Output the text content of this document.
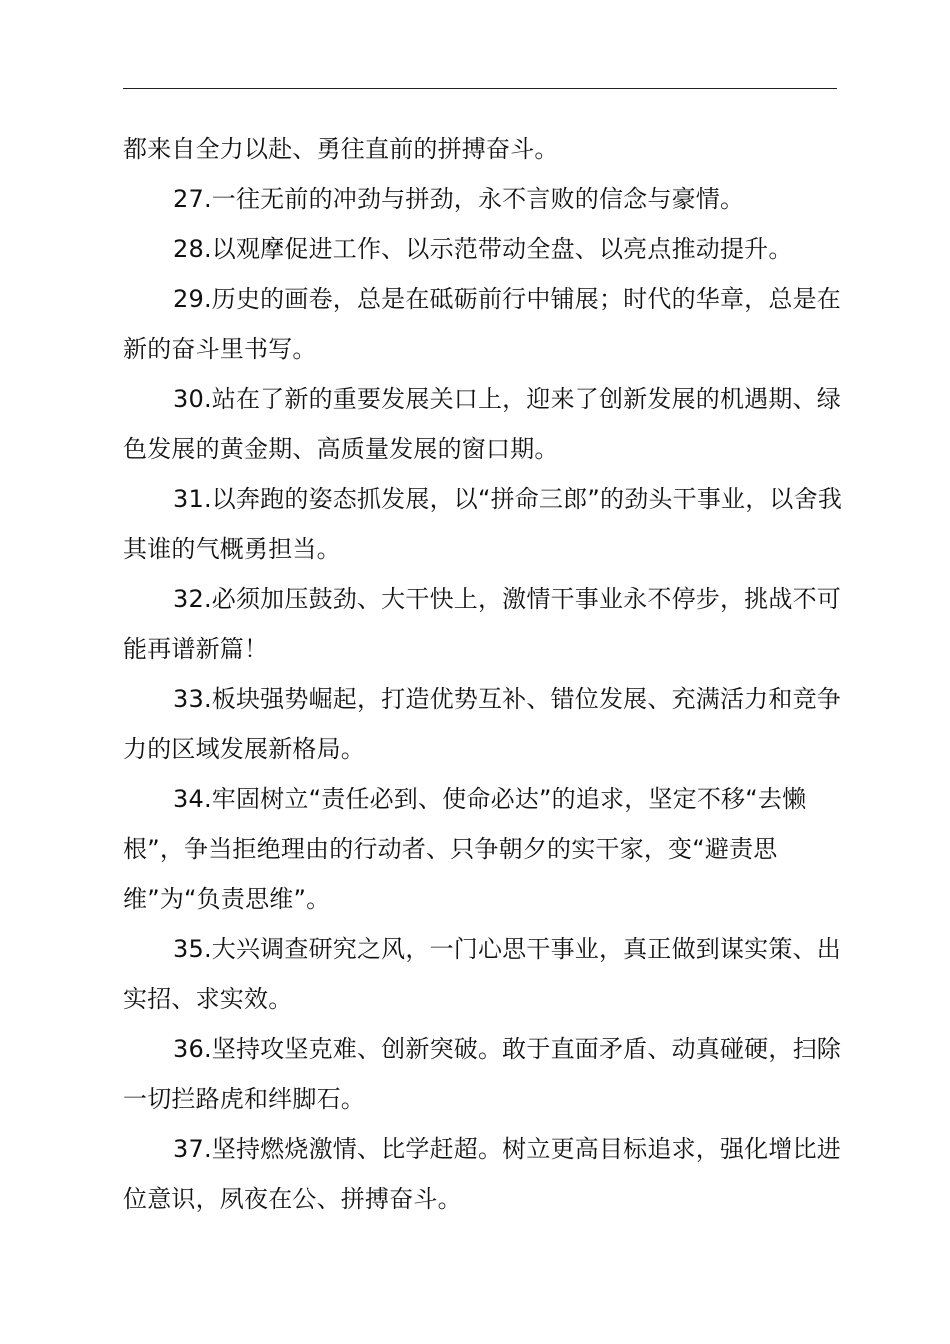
都来自全力以赴、勇往直前的拼搏奋斗。

27.一往无前的冲劲与拼劲，永不言败的信念与豪情。

28.以观摩促进工作、以示范带动全盘、以亮点推动提升。

29.历史的画卷，总是在砥砺前行中铺展；时代的华章，总是在新的奋斗里书写。

30.站在了新的重要发展关口上，迎来了创新发展的机遇期、绿色发展的黄金期、高质量发展的窗口期。

31.以奔跑的姿态抓发展，以“拼命三郎”的劲头干事业，以舍我其谁的气概勇担当。

32.必须加压鼓劲、大干快上，激情干事业永不停步，挑战不可能再谱新篇！

33.板块强势崛起，打造优势互补、错位发展、充满活力和竞争力的区域发展新格局。

34.牢固树立“责任必到、使命必达”的追求，坚定不移“去懒根”，争当拒绝理由的行动者、只争朝夕的实干家，变“避责思维”为“负责思维”。

35.大兴调查研究之风，一门心思干事业，真正做到谋实策、出实招、求实效。

36.坚持攻坚克难、创新突破。敢于直面矛盾、动真碰硬，扫除一切拦路虎和绊脚石。

37.坚持燃烧激情、比学赶超。树立更高目标追求，强化增比进位意识，夙夜在公、拼搏奋斗。
